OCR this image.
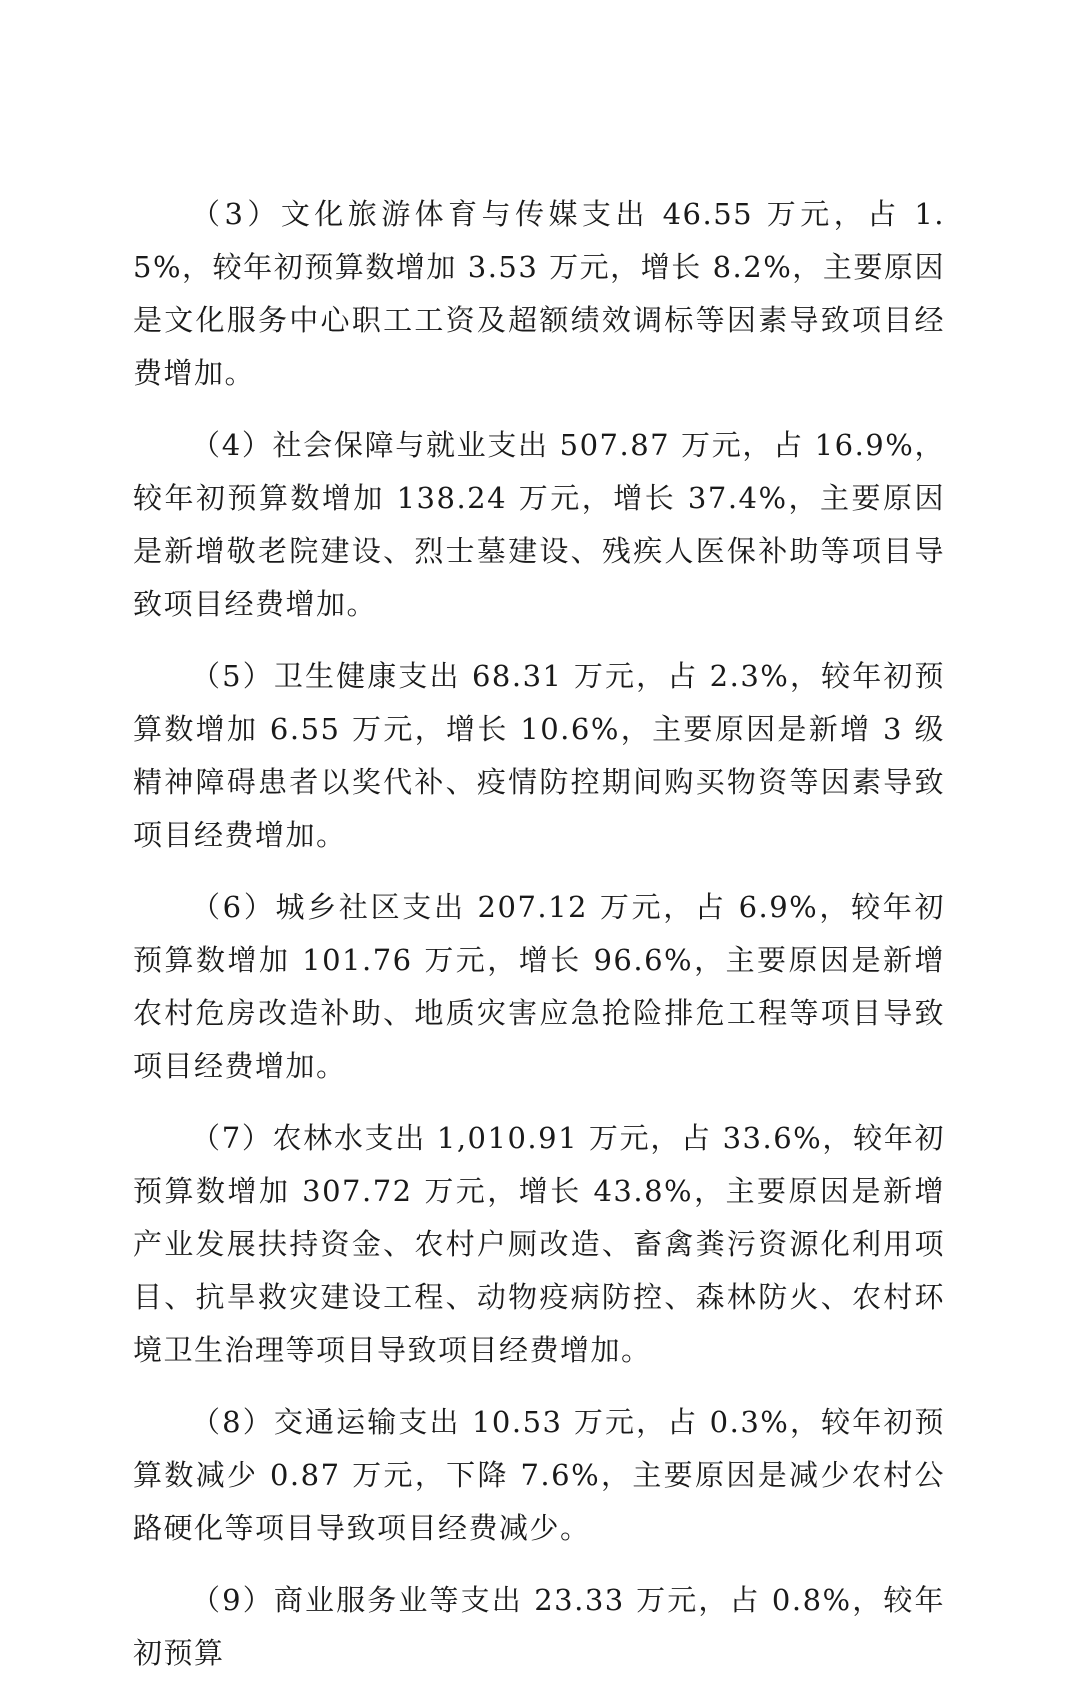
（3）文化旅游体育与传媒支出 46.55 万元，占 1.5%，较年初预算数增加 3.53 万元，增长 8.2%，主要原因是文化服务中心职工工资及超额绩效调标等因素导致项目经费增加。

（4）社会保障与就业支出 507.87 万元，占 16.9%，较年初预算数增加 138.24 万元，增长 37.4%，主要原因是新增敬老院建设、烈士墓建设、残疾人医保补助等项目导致项目经费增加。

（5）卫生健康支出 68.31 万元，占 2.3%，较年初预算数增加 6.55 万元，增长 10.6%，主要原因是新增 3 级精神障碍患者以奖代补、疫情防控期间购买物资等因素导致项目经费增加。

（6）城乡社区支出 207.12 万元，占 6.9%，较年初预算数增加 101.76 万元，增长 96.6%，主要原因是新增农村危房改造补助、地质灾害应急抢险排危工程等项目导致项目经费增加。

（7）农林水支出 1,010.91 万元，占 33.6%，较年初预算数增加 307.72 万元，增长 43.8%，主要原因是新增产业发展扶持资金、农村户厕改造、畜禽粪污资源化利用项目、抗旱救灾建设工程、动物疫病防控、森林防火、农村环境卫生治理等项目导致项目经费增加。

（8）交通运输支出 10.53 万元，占 0.3%，较年初预算数减少 0.87 万元，下降 7.6%，主要原因是减少农村公路硬化等项目导致项目经费减少。

（9）商业服务业等支出 23.33 万元，占 0.8%，较年初预算
